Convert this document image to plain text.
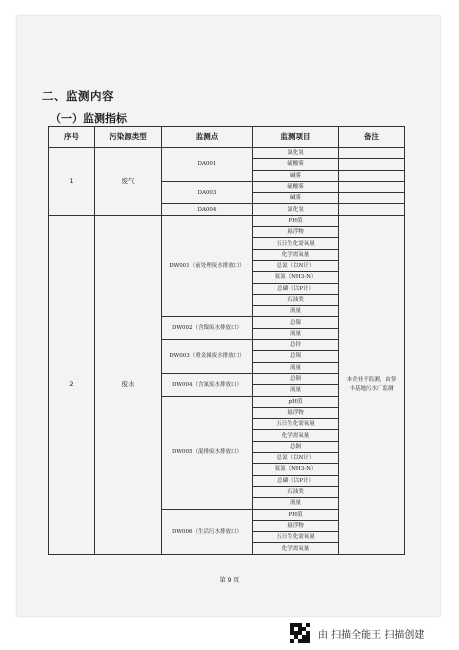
二、监测内容
（一）监测指标
序号	污染源类型	监测点	监测项目	备注
1	废气	DA001	氯化氢	
			硫酸雾	
			碱雾	
		DA003	硫酸雾	
			碱雾	
		DA004	氯化氢	
2	废水	DW001（前处理废水排放口）	PH值	本企业不监测，由蓼丰基地污水厂监测
			悬浮物	
			五日生化需氧量	
			化学需氧量	
			总氮（以N计）	
			氨氮（NH3-N）	
			总磷（以P计）	
			石油类	
			流量	
		DW002（含镍废水排放口）	总镍	
			流量	
		DW003（重金属废水排放口）	总锌	
			总锡	
			流量	
		DW004（含氰废水排放口）	总铜	
			流量	
		DW005（混排废水排放口）	pH值	
			悬浮物	
			五日生化需氧量	
			化学需氧量	
			总铜	
			总氮（以N计）	
			氨氮（NH3-N）	
			总磷（以P计）	
			石油类	
			流量	
		DW006（生活污水排放口）	PH值	
			悬浮物	
			五日生化需氧量	
			化学需氧量	
第 9 页
由 扫描全能王 扫描创建
